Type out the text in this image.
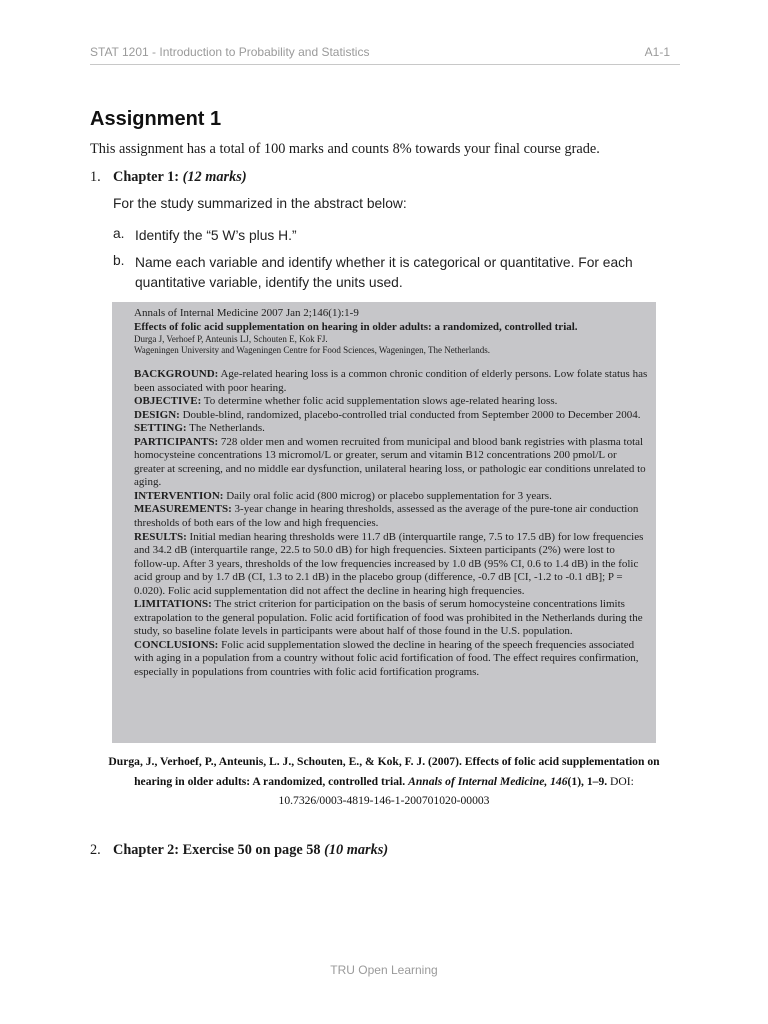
STAT 1201 - Introduction to Probability and Statistics	A1-1
Assignment 1

This assignment has a total of 100 marks and counts 8% towards your final course grade.

1. Chapter 1: (12 marks)

For the study summarized in the abstract below:

a. Identify the “5 W’s plus H.”
b. Name each variable and identify whether it is categorical or quantitative. For each quantitative variable, identify the units used.
Annals of Internal Medicine 2007 Jan 2;146(1):1-9
Effects of folic acid supplementation on hearing in older adults: a randomized, controlled trial.
Durga J, Verhoef P, Anteunis LJ, Schouten E, Kok FJ.
Wageningen University and Wageningen Centre for Food Sciences, Wageningen, The Netherlands.

BACKGROUND: Age-related hearing loss is a common chronic condition of elderly persons. Low folate status has been associated with poor hearing.

OBJECTIVE: To determine whether folic acid supplementation slows age-related hearing loss.

DESIGN: Double-blind, randomized, placebo-controlled trial conducted from September 2000 to December 2004.

SETTING: The Netherlands.

PARTICIPANTS: 728 older men and women recruited from municipal and blood bank registries with plasma total homocysteine concentrations 13 micromol/L or greater, serum and vitamin B12 concentrations 200 pmol/L or greater at screening, and no middle ear dysfunction, unilateral hearing loss, or pathologic ear conditions unrelated to aging.

INTERVENTION: Daily oral folic acid (800 microg) or placebo supplementation for 3 years.

MEASUREMENTS: 3-year change in hearing thresholds, assessed as the average of the pure-tone air conduction thresholds of both ears of the low and high frequencies.

RESULTS: Initial median hearing thresholds were 11.7 dB (interquartile range, 7.5 to 17.5 dB) for low frequencies and 34.2 dB (interquartile range, 22.5 to 50.0 dB) for high frequencies. Sixteen participants (2%) were lost to follow-up. After 3 years, thresholds of the low frequencies increased by 1.0 dB (95% CI, 0.6 to 1.4 dB) in the folic acid group and by 1.7 dB (CI, 1.3 to 2.1 dB) in the placebo group (difference, -0.7 dB [CI, -1.2 to -0.1 dB]; P = 0.020). Folic acid supplementation did not affect the decline in hearing high frequencies.

LIMITATIONS: The strict criterion for participation on the basis of serum homocysteine concentrations limits extrapolation to the general population. Folic acid fortification of food was prohibited in the Netherlands during the study, so baseline folate levels in participants were about half of those found in the U.S. population.

CONCLUSIONS: Folic acid supplementation slowed the decline in hearing of the speech frequencies associated with aging in a population from a country without folic acid fortification of food. The effect requires confirmation, especially in populations from countries with folic acid fortification programs.

Durga, J., Verhoef, P., Anteunis, L. J., Schouten, E., & Kok, F. J. (2007). Effects of folic acid supplementation on hearing in older adults: A randomized, controlled trial. Annals of Internal Medicine, 146(1), 1–9. DOI: 10.7326/0003-4819-146-1-200701020-00003

2. Chapter 2: Exercise 50 on page 58 (10 marks)
TRU Open Learning
